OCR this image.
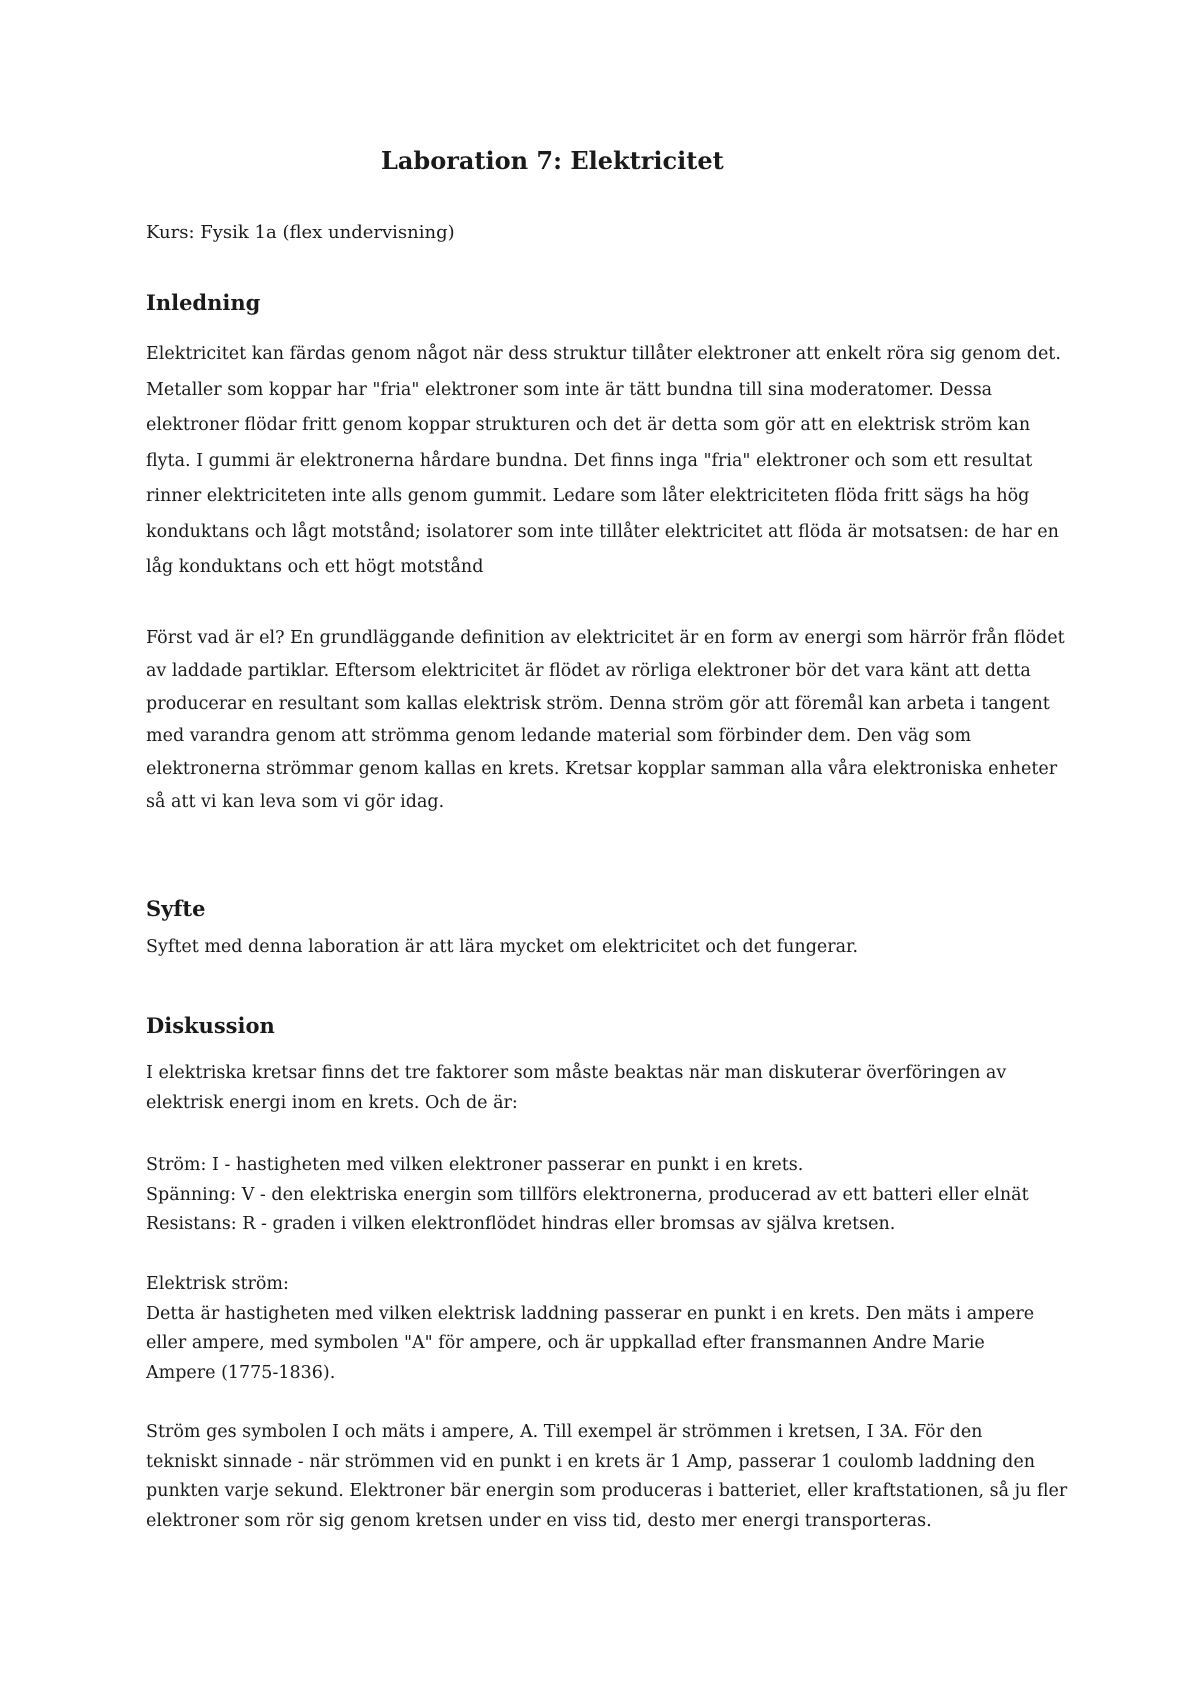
Laboration 7: Elektricitet

Kurs: Fysik 1a (flex undervisning)

Inledning
Elektricitet kan färdas genom något när dess struktur tillåter elektroner att enkelt röra sig genom det.
Metaller som koppar har "fria" elektroner som inte är tätt bundna till sina moderatomer. Dessa
elektroner flödar fritt genom koppar strukturen och det är detta som gör att en elektrisk ström kan
flyta. I gummi är elektronerna hårdare bundna. Det finns inga "fria" elektroner och som ett resultat
rinner elektriciteten inte alls genom gummit. Ledare som låter elektriciteten flöda fritt sägs ha hög
konduktans och lågt motstånd; isolatorer som inte tillåter elektricitet att flöda är motsatsen: de har en
låg konduktans och ett högt motstånd
Först vad är el? En grundläggande definition av elektricitet är en form av energi som härrör från flödet
av laddade partiklar. Eftersom elektricitet är flödet av rörliga elektroner bör det vara känt att detta
producerar en resultant som kallas elektrisk ström. Denna ström gör att föremål kan arbeta i tangent
med varandra genom att strömma genom ledande material som förbinder dem. Den väg som
elektronerna strömmar genom kallas en krets. Kretsar kopplar samman alla våra elektroniska enheter
så att vi kan leva som vi gör idag.
Syfte
Syftet med denna laboration är att lära mycket om elektricitet och det fungerar.
Diskussion
I elektriska kretsar finns det tre faktorer som måste beaktas när man diskuterar överföringen av
elektrisk energi inom en krets. Och de är:
Ström: I - hastigheten med vilken elektroner passerar en punkt i en krets.
Spänning: V - den elektriska energin som tillförs elektronerna, producerad av ett batteri eller elnät
Resistans: R - graden i vilken elektronflödet hindras eller bromsas av själva kretsen.
Elektrisk ström:
Detta är hastigheten med vilken elektrisk laddning passerar en punkt i en krets. Den mäts i ampere
eller ampere, med symbolen "A" för ampere, och är uppkallad efter fransmannen Andre Marie
Ampere (1775-1836).
Ström ges symbolen I och mäts i ampere, A. Till exempel är strömmen i kretsen, I 3A. För den
tekniskt sinnade - när strömmen vid en punkt i en krets är 1 Amp, passerar 1 coulomb laddning den
punkten varje sekund. Elektroner bär energin som produceras i batteriet, eller kraftstationen, så ju fler
elektroner som rör sig genom kretsen under en viss tid, desto mer energi transporteras.
